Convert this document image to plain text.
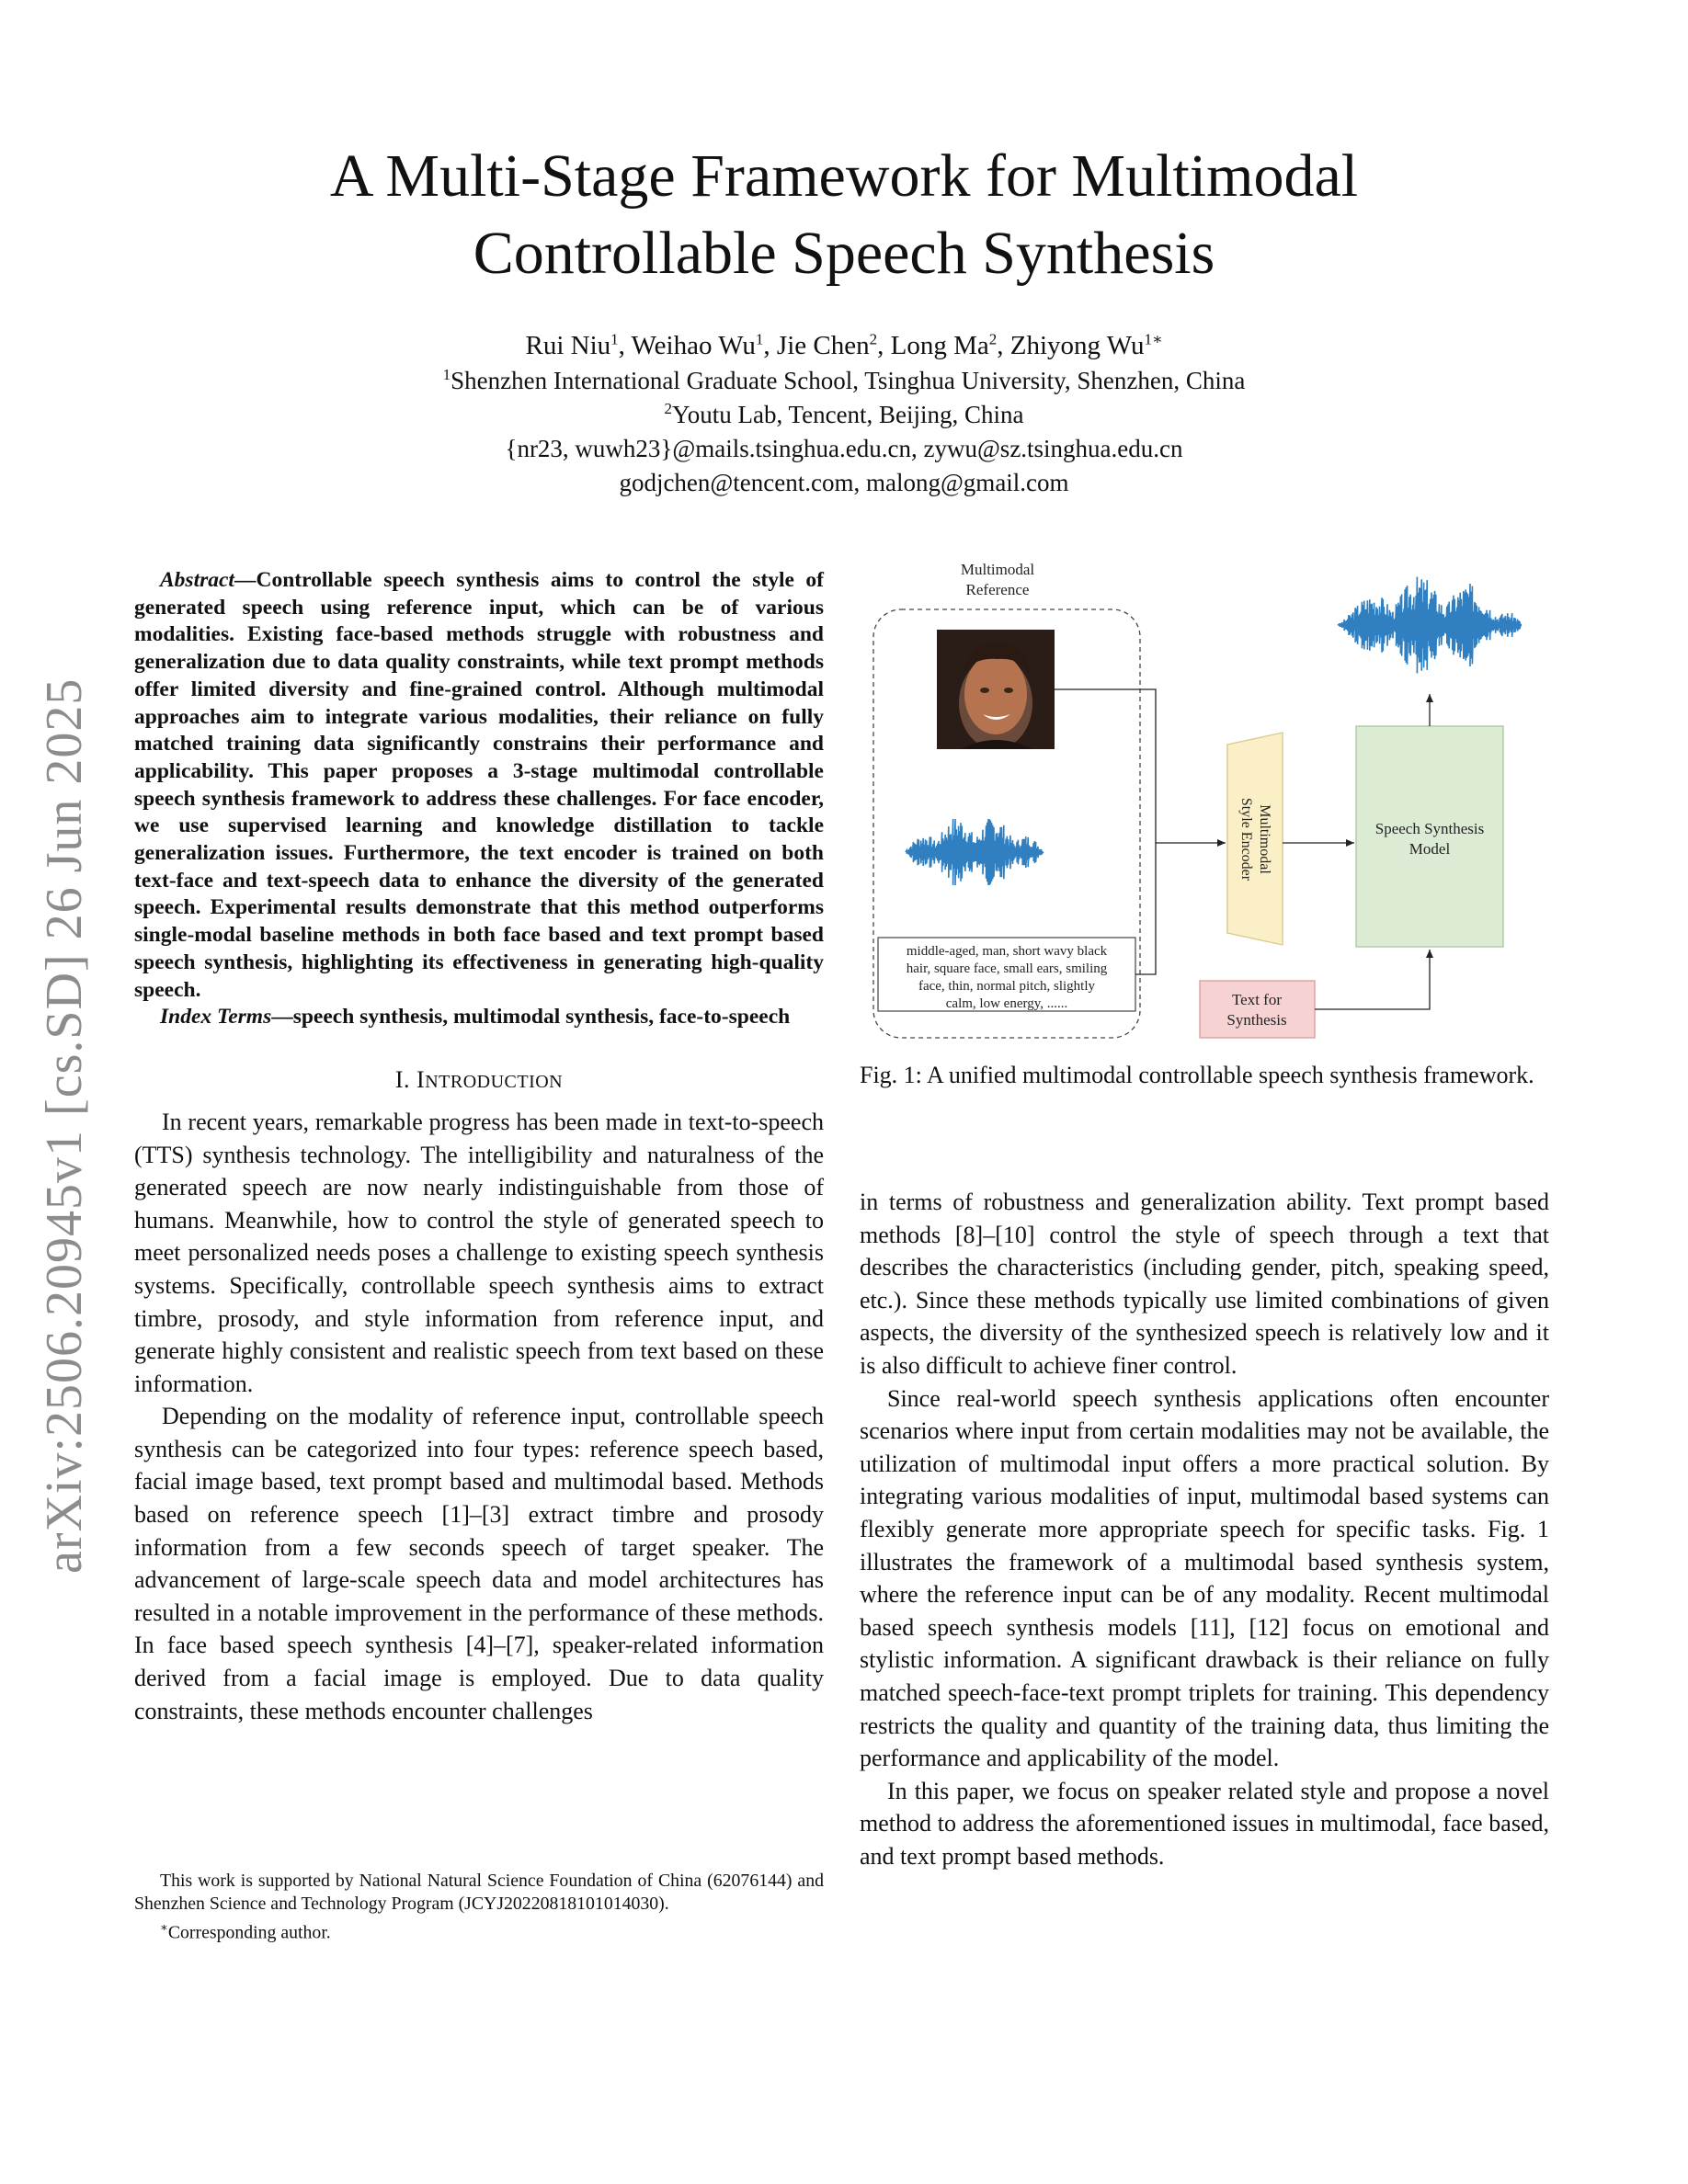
arXiv:2506.20945v1 [cs.SD] 26 Jun 2025
A Multi-Stage Framework for Multimodal Controllable Speech Synthesis
Rui Niu$^1$, Weihao Wu$^1$, Jie Chen$^2$, Long Ma$^2$, Zhiyong $Wu^{1∗}$
$^1$Shenzhen International Graduate School, Tsinghua University, Shenzhen, China
$^2$Youtu Lab, Tencent, Beijing, China
{nr23, wuwh23}@mails.tsinghua.edu.cn, zywu@sz.tsinghua.edu.cn
godjchen@tencent.com, malong@gmail.com

Abstract—Controllable speech synthesis aims to control the style of generated speech using reference input, which can be of various modalities. Existing face-based methods struggle with robustness and generalization due to data quality constraints, while text prompt methods offer limited diversity and fine-grained control. Although multimodal approaches aim to integrate various modalities, their reliance on fully matched training data significantly constrains their performance and applicability. This paper proposes a 3-stage multimodal controllable speech synthesis framework to address these challenges. For face encoder, we use supervised learning and knowledge distillation to tackle generalization issues. Furthermore, the text encoder is trained on both text-face and text-speech data to enhance the diversity of the generated speech. Experimental results demonstrate that this method outperforms single-modal baseline methods in both face based and text prompt based speech synthesis, highlighting its effectiveness in generating high-quality speech.

Index Terms—speech synthesis, multimodal synthesis, face-to-speech

I. INTRODUCTION

In recent years, remarkable progress has been made in text-to-speech (TTS) synthesis technology. The intelligibility and naturalness of the generated speech are now nearly indistinguishable from those of humans. Meanwhile, how to control the style of generated speech to meet personalized needs poses a challenge to existing speech synthesis systems. Specifically, controllable speech synthesis aims to extract timbre, prosody, and style information from reference input, and generate highly consistent and realistic speech from text based on these information.

Depending on the modality of reference input, controllable speech synthesis can be categorized into four types: reference speech based, facial image based, text prompt based and multimodal based. Methods based on reference speech [1]–[3] extract timbre and prosody information from a few seconds speech of target speaker. The advancement of large-scale speech data and model architectures has resulted in a notable improvement in the performance of these methods. In face based speech synthesis [4]–[7], speaker-related information derived from a facial image is employed. Due to data quality constraints, these methods encounter challenges

This work is supported by National Natural Science Foundation of China (62076144) and Shenzhen Science and Technology Program (JCYJ20220818101014030).

∗Corresponding author.

Multimodal
Reference
middle-aged, man, short wavy black
hair, square face, small ears, smiling
face, thin, normal pitch, slightly
calm, low energy, ......
Multimodal
Style Encoder	Speech Synthesis
Model
Text for
Synthesis
Fig. 1: A unified multimodal controllable speech synthesis framework.

in terms of robustness and generalization ability. Text prompt based methods [8]–[10] control the style of speech through a text that describes the characteristics (including gender, pitch, speaking speed, etc.). Since these methods typically use limited combinations of given aspects, the diversity of the synthesized speech is relatively low and it is also difficult to achieve finer control.

Since real-world speech synthesis applications often encounter scenarios where input from certain modalities may not be available, the utilization of multimodal input offers a more practical solution. By integrating various modalities of input, multimodal based systems can flexibly generate more appropriate speech for specific tasks. Fig. 1 illustrates the framework of a multimodal based synthesis system, where the reference input can be of any modality. Recent multimodal based speech synthesis models [11], [12] focus on emotional and stylistic information. A significant drawback is their reliance on fully matched speech-face-text prompt triplets for training. This dependency restricts the quality and quantity of the training data, thus limiting the performance and applicability of the model.

In this paper, we focus on speaker related style and propose a novel method to address the aforementioned issues in multimodal, face based, and text prompt based methods.
